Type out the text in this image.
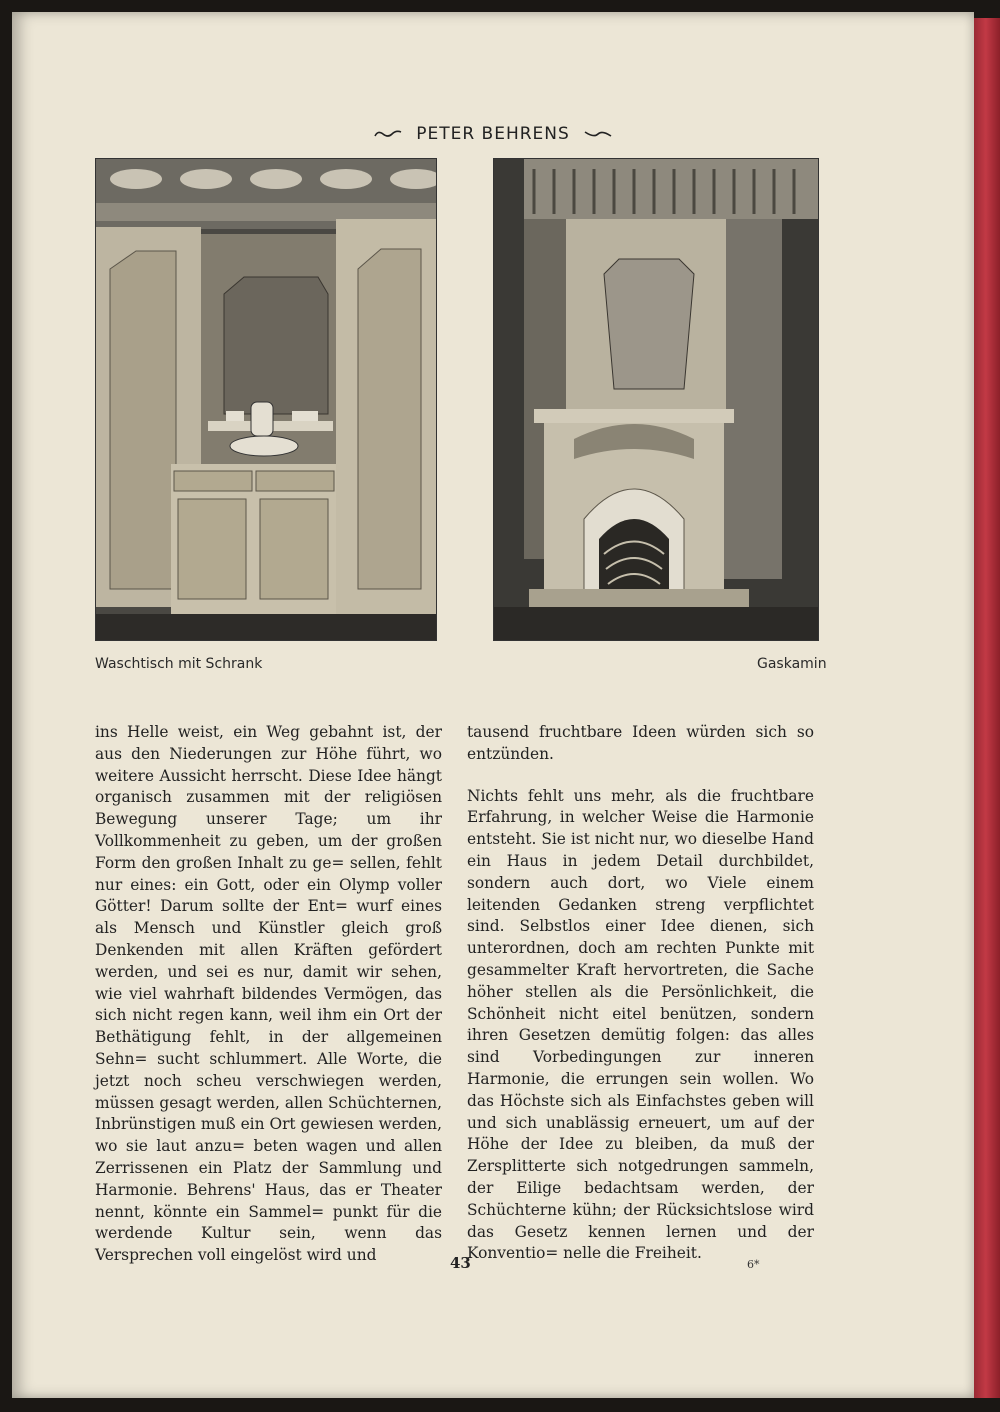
PETER BEHRENS
Waschtisch mit Schrank	Gaskamin

ins Helle weist, ein Weg gebahnt ist, der aus den Niederungen zur Höhe führt, wo weitere Aussicht herrscht. Diese Idee hängt organisch zusammen mit der religiösen Bewegung unserer Tage; um ihr Vollkommenheit zu geben, um der großen Form den großen Inhalt zu ge= sellen, fehlt nur eines: ein Gott, oder ein Olymp voller Götter! Darum sollte der Ent= wurf eines als Mensch und Künstler gleich groß Denkenden mit allen Kräften gefördert werden, und sei es nur, damit wir sehen, wie viel wahrhaft bildendes Vermögen, das sich nicht regen kann, weil ihm ein Ort der Bethätigung fehlt, in der allgemeinen Sehn= sucht schlummert. Alle Worte, die jetzt noch scheu verschwiegen werden, müssen gesagt werden, allen Schüchternen, Inbrünstigen muß ein Ort gewiesen werden, wo sie laut anzu= beten wagen und allen Zerrissenen ein Platz der Sammlung und Harmonie. Behrens' Haus, das er Theater nennt, könnte ein Sammel= punkt für die werdende Kultur sein, wenn das Versprechen voll eingelöst wird und

tausend fruchtbare Ideen würden sich so entzünden.

Nichts fehlt uns mehr, als die fruchtbare Erfahrung, in welcher Weise die Harmonie entsteht. Sie ist nicht nur, wo dieselbe Hand ein Haus in jedem Detail durchbildet, sondern auch dort, wo Viele einem leitenden Gedanken streng verpflichtet sind. Selbstlos einer Idee dienen, sich unterordnen, doch am rechten Punkte mit gesammelter Kraft hervortreten, die Sache höher stellen als die Persönlichkeit, die Schönheit nicht eitel benützen, sondern ihren Gesetzen demütig folgen: das alles sind Vorbedingungen zur inneren Harmonie, die errungen sein wollen. Wo das Höchste sich als Einfachstes geben will und sich unablässig erneuert, um auf der Höhe der Idee zu bleiben, da muß der Zersplitterte sich notgedrungen sammeln, der Eilige bedachtsam werden, der Schüchterne kühn; der Rücksichtslose wird das Gesetz kennen lernen und der Konventio= nelle die Freiheit.

43	6*
